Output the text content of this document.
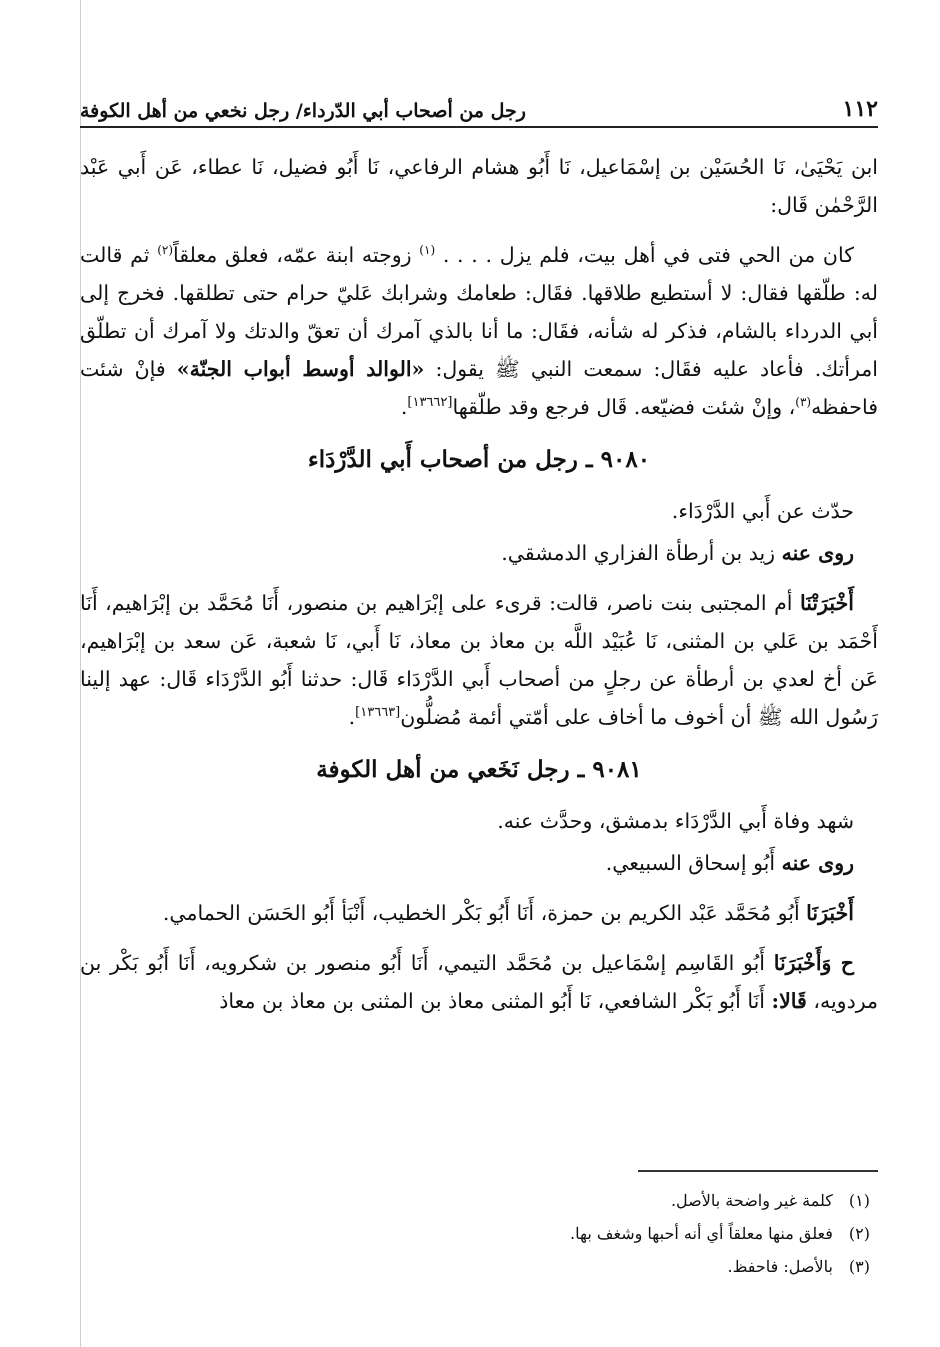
١١٢
رجل من أصحاب أبي الدّرداء/ رجل نخعي من أهل الكوفة

ابن يَحْيَىٰ، نَا الحُسَيْن بن إسْمَاعيل، نَا أَبُو هشام الرفاعي، نَا أَبُو فضيل، نَا عطاء، عَن أَبي عَبْد الرَّحْمٰن قَال:

كان من الحي فتى في أهل بيت، فلم يزل . . . . $^{(١)}$ زوجته ابنة عمّه، فعلق معلقاً$^{(٢)}$ ثم قالت له: طلّقها فقال: لا أستطيع طلاقها. فقَال: طعامك وشرابك عَليّ حرام حتى تطلقها. فخرج إلى أبي الدرداء بالشام، فذكر له شأنه، فقَال: ما أنا بالذي آمرك أن تعقّ والدتك ولا آمرك أن تطلّق امرأتك. فأعاد عليه فقَال: سمعت النبي ﷺ يقول: «الوالد أوسط أبواب الجنّة» فإنْ شئت فاحفظه$^{(٣)}$، وإنْ شئت فضيّعه. قَال فرجع وقد طلّقها[١٣٦٦٢].

٩٠٨٠ ـ رجل من أصحاب أَبي الدَّرْدَاء

حدّث عن أَبي الدَّرْدَاء.

روى عنه زيد بن أرطأة الفزاري الدمشقي.

أَخْبَرَتْنَا أم المجتبى بنت ناصر، قالت: قرىء على إبْرَاهيم بن منصور، أَنَا مُحَمَّد بن إبْرَاهيم، أَنَا أَحْمَد بن عَلي بن المثنى، نَا عُبَيْد اللَّه بن معاذ بن معاذ، نَا أَبي، نَا شعبة، عَن سعد بن إبْرَاهيم، عَن أخ لعدي بن أرطأة عن رجلٍ من أصحاب أَبي الدَّرْدَاء قَال: حدثنا أَبُو الدَّرْدَاء قَال: عهد إلينا رَسُول الله ﷺ أن أخوف ما أخاف على أمّتي أئمة مُضلُّون[١٣٦٦٣].

٩٠٨١ ـ رجل نَخَعي من أهل الكوفة

شهد وفاة أَبي الدَّرْدَاء بدمشق، وحدَّث عنه.

روى عنه أَبُو إسحاق السبيعي.

أَخْبَرَنَا أَبُو مُحَمَّد عَبْد الكريم بن حمزة، أَنَا أَبُو بَكْر الخطيب، أَنْبَأ أَبُو الحَسَن الحمامي.

ح وَأَخْبَرَنَا أَبُو القَاسِم إسْمَاعيل بن مُحَمَّد التيمي، أَنَا أَبُو منصور بن شكرويه، أَنَا أَبُو بَكْر بن مردويه، قَالا: أَنَا أَبُو بَكْر الشافعي، نَا أَبُو المثنى معاذ بن المثنى بن معاذ بن معاذ

(١)
كلمة غير واضحة بالأصل.
(٢)
فعلق منها معلقاً أي أنه أحبها وشغف بها.
(٣)
بالأصل: فاحفظ.
